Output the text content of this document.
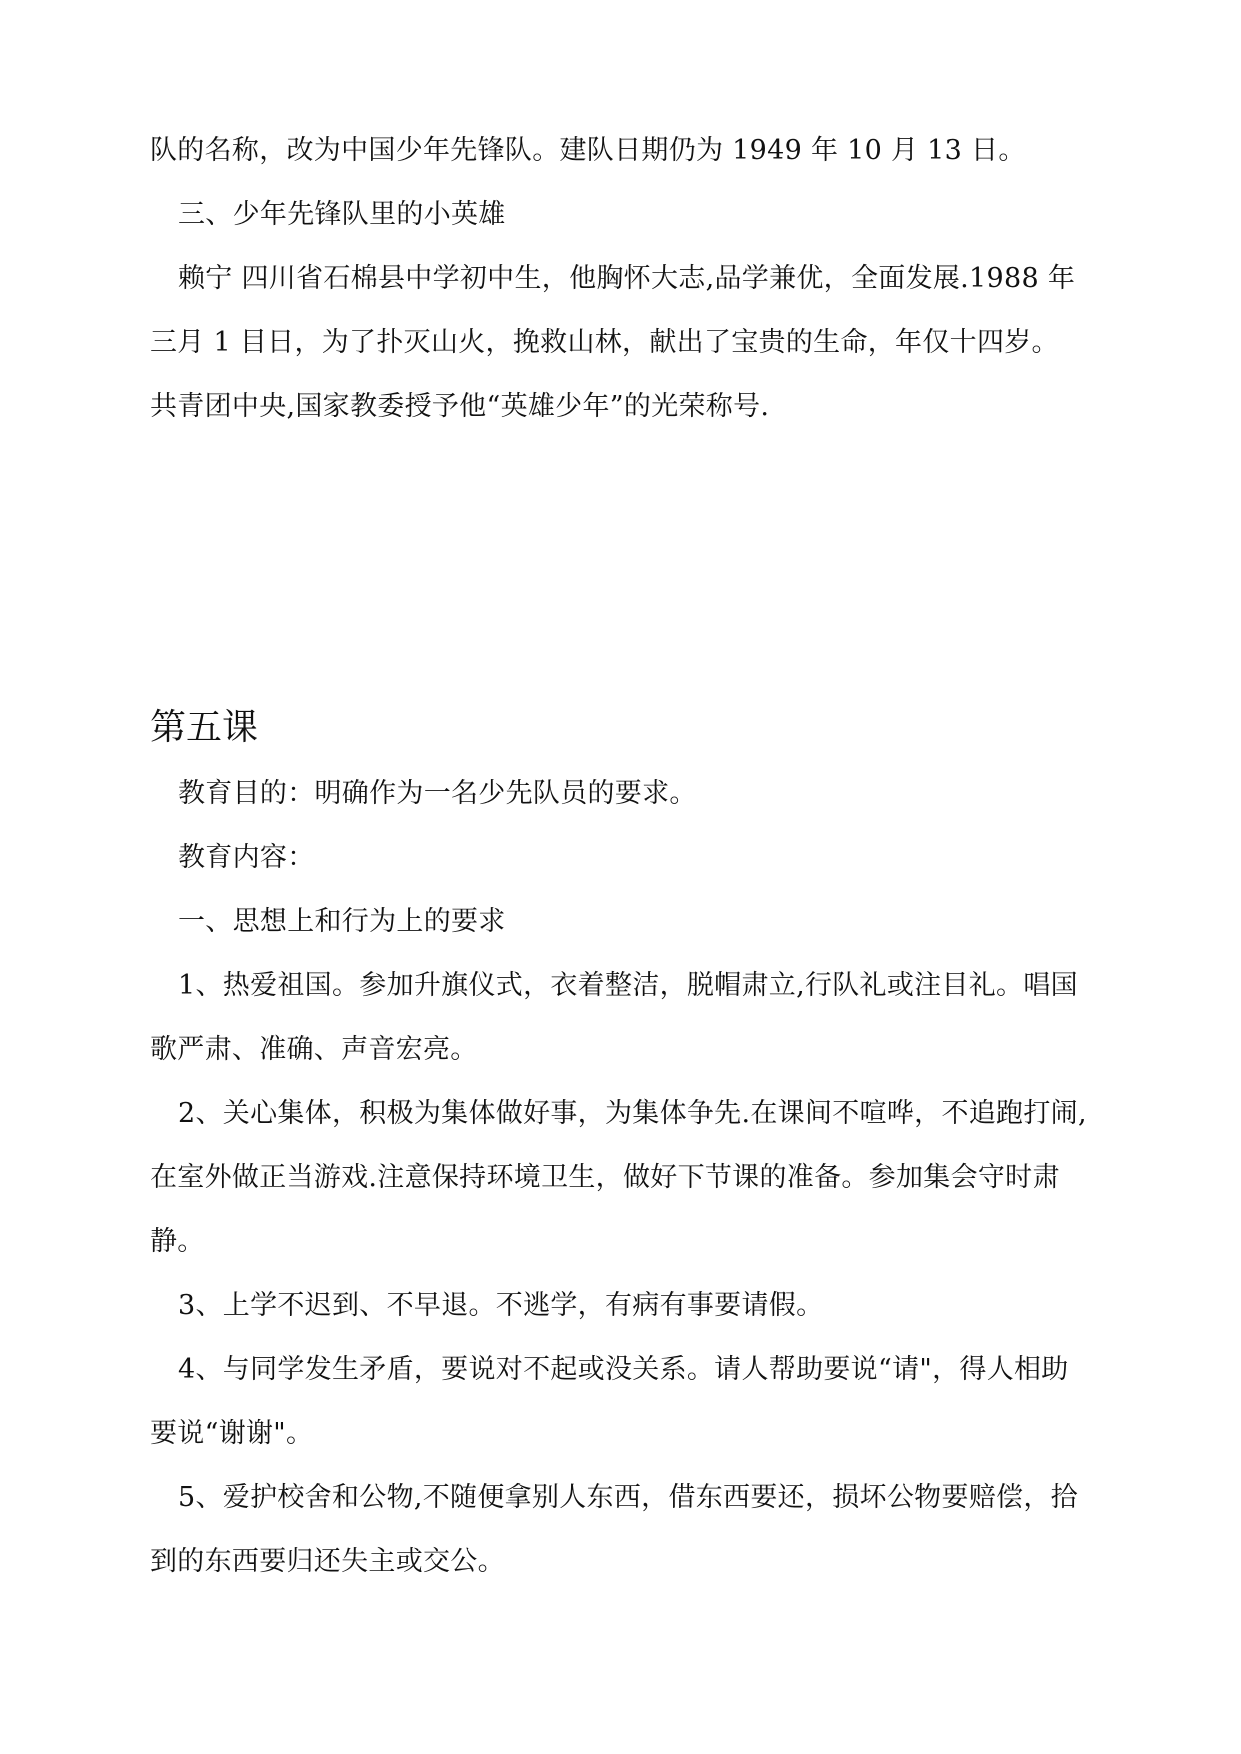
队的名称，改为中国少年先锋队。建队日期仍为 1949 年 10 月 13 日。
三、少年先锋队里的小英雄
赖宁 四川省石棉县中学初中生，他胸怀大志,品学兼优，全面发展.1988 年
三月 1 目日，为了扑灭山火，挽救山林，献出了宝贵的生命，年仅十四岁。
共青团中央,国家教委授予他“英雄少年”的光荣称号.
第五课
教育目的：明确作为一名少先队员的要求。
教育内容：
一、思想上和行为上的要求
1、热爱祖国。参加升旗仪式，衣着整洁，脱帽肃立,行队礼或注目礼。唱国
歌严肃、准确、声音宏亮。
2、关心集体，积极为集体做好事，为集体争先.在课间不喧哗，不追跑打闹,
在室外做正当游戏.注意保持环境卫生，做好下节课的准备。参加集会守时肃
静。
3、上学不迟到、不早退。不逃学，有病有事要请假。
4、与同学发生矛盾，要说对不起或没关系。请人帮助要说“请"，得人相助
要说“谢谢"。
5、爱护校舍和公物,不随便拿别人东西，借东西要还，损坏公物要赔偿，拾
到的东西要归还失主或交公。
